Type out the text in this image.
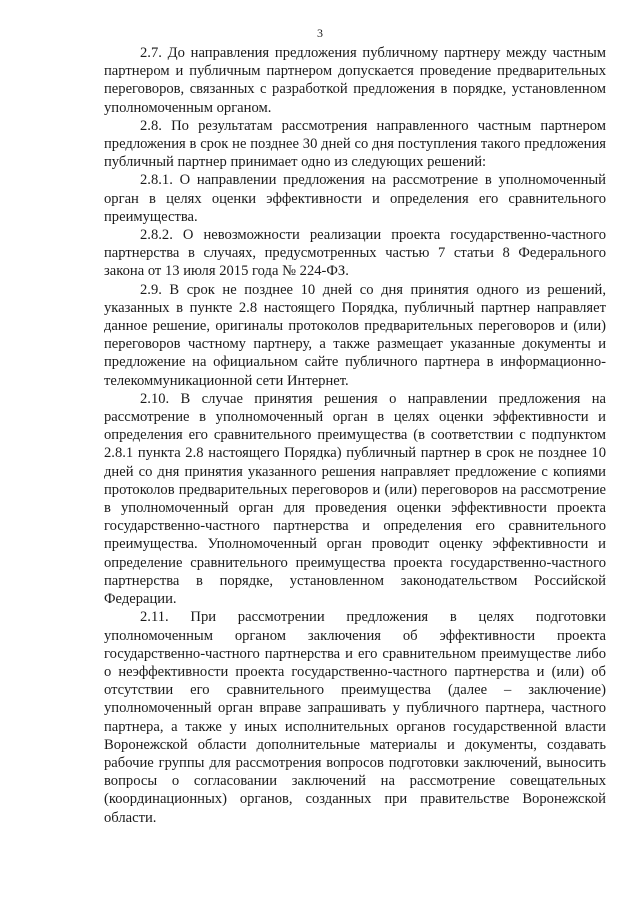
3

2.7. До направления предложения публичному партнеру между частным партнером и публичным партнером допускается проведение предварительных переговоров, связанных с разработкой предложения в порядке, установленном уполномоченным органом.

2.8. По результатам рассмотрения направленного частным партнером предложения в срок не позднее 30 дней со дня поступления такого предложения публичный партнер принимает одно из следующих решений:

2.8.1. О направлении предложения на рассмотрение в уполномоченный орган в целях оценки эффективности и определения его сравнительного преимущества.

2.8.2. О невозможности реализации проекта государственно-частного партнерства в случаях, предусмотренных частью 7 статьи 8 Федерального закона от 13 июля 2015 года № 224-ФЗ.

2.9. В срок не позднее 10 дней со дня принятия одного из решений, указанных в пункте 2.8 настоящего Порядка, публичный партнер направляет данное решение, оригиналы протоколов предварительных переговоров и (или) переговоров частному партнеру, а также размещает указанные документы и предложение на официальном сайте публичного партнера в информационно-телекоммуникационной сети Интернет.

2.10. В случае принятия решения о направлении предложения на рассмотрение в уполномоченный орган в целях оценки эффективности и определения его сравнительного преимущества (в соответствии с подпунктом 2.8.1 пункта 2.8 настоящего Порядка) публичный партнер в срок не позднее 10 дней со дня принятия указанного решения направляет предложение с копиями протоколов предварительных переговоров и (или) переговоров на рассмотрение в уполномоченный орган для проведения оценки эффективности проекта государственно-частного партнерства и определения его сравнительного преимущества. Уполномоченный орган проводит оценку эффективности и определение сравнительного преимущества проекта государственно-частного партнерства в порядке, установленном законодательством Российской Федерации.

2.11. При рассмотрении предложения в целях подготовки уполномоченным органом заключения об эффективности проекта государственно-частного партнерства и его сравнительном преимуществе либо о неэффективности проекта государственно-частного партнерства и (или) об отсутствии его сравнительного преимущества (далее – заключение) уполномоченный орган вправе запрашивать у публичного партнера, частного партнера, а также у иных исполнительных органов государственной власти Воронежской области дополнительные материалы и документы, создавать рабочие группы для рассмотрения вопросов подготовки заключений, выносить вопросы о согласовании заключений на рассмотрение совещательных (координационных) органов, созданных при правительстве Воронежской области.
